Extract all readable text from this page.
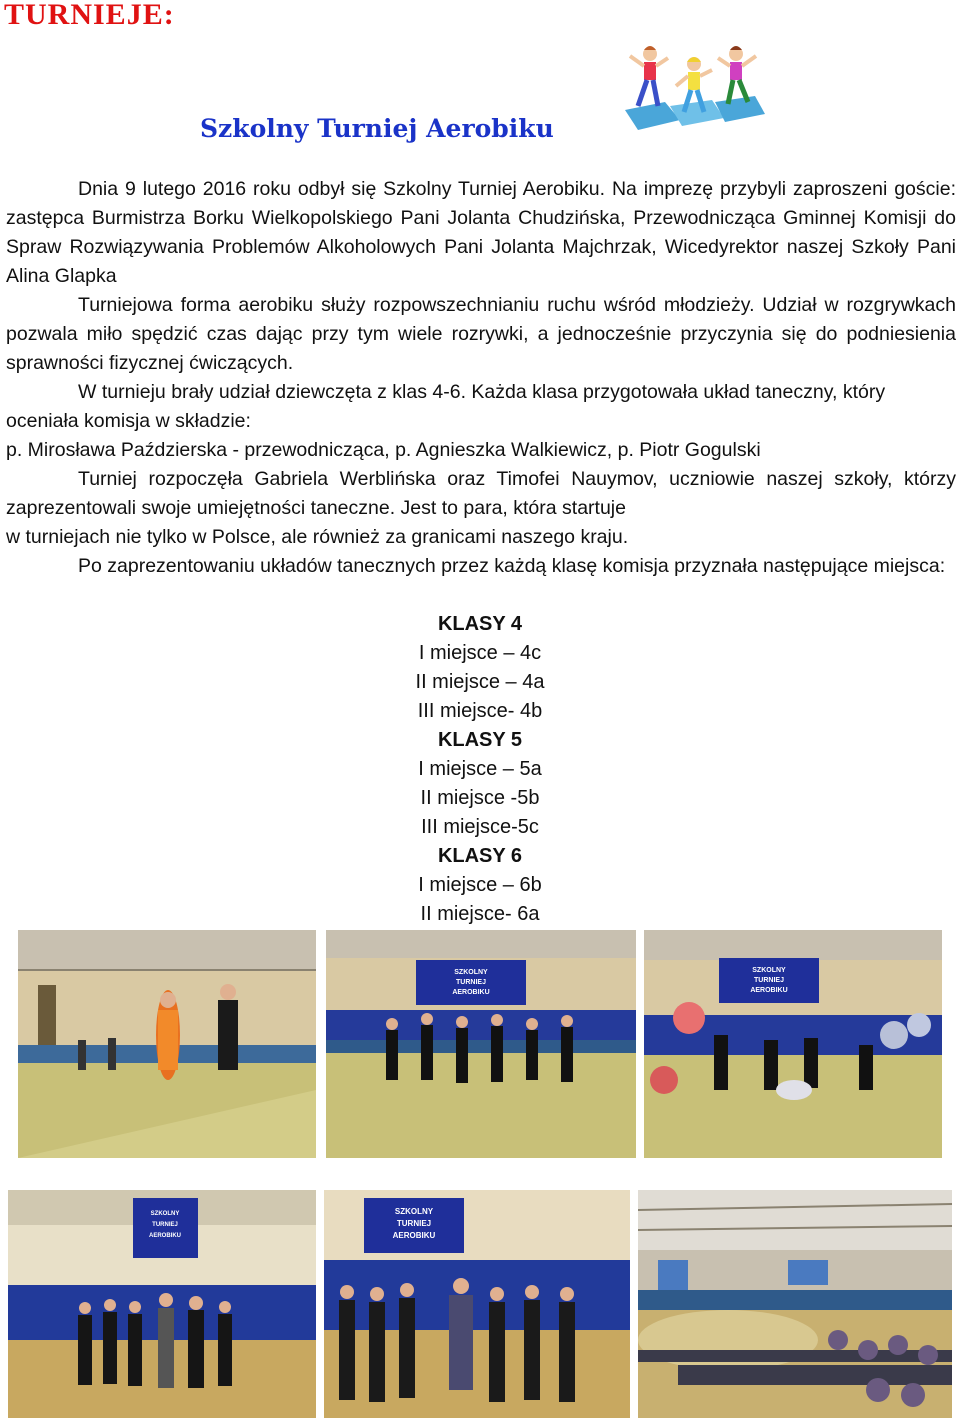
TURNIEJE:
Szkolny Turniej Aerobiku

Dnia 9 lutego 2016 roku odbył się Szkolny Turniej Aerobiku. Na imprezę przybyli zaproszeni goście: zastępca Burmistrza Borku Wielkopolskiego Pani Jolanta Chudzińska, Przewodnicząca Gminnej Komisji do Spraw Rozwiązywania Problemów Alkoholowych Pani Jolanta Majchrzak, Wicedyrektor naszej Szkoły Pani Alina Glapka

Turniejowa forma aerobiku służy rozpowszechnianiu ruchu wśród młodzieży. Udział w rozgrywkach pozwala miło spędzić czas dając przy tym wiele rozrywki, a jednocześnie przyczynia się do podniesienia sprawności fizycznej ćwiczących.

W turnieju brały udział dziewczęta z klas 4-6. Każda klasa przygotowała układ taneczny, który oceniała komisja w składzie:

p. Mirosława Paździerska - przewodnicząca, p. Agnieszka Walkiewicz, p. Piotr Gogulski

Turniej rozpoczęła Gabriela Werblińska oraz Timofei Nauymov, uczniowie naszej szkoły, którzy zaprezentowali swoje umiejętności taneczne. Jest to para, która startuje

w turniejach nie tylko w Polsce, ale również za granicami naszego kraju.

Po zaprezentowaniu układów tanecznych przez każdą klasę komisja przyznała następujące miejsca:

KLASY 4
I miejsce – 4c
II miejsce – 4a
III miejsce- 4b
KLASY 5
I miejsce – 5a
II miejsce -5b
III miejsce-5c
KLASY 6
I miejsce – 6b
II miejsce- 6a
SZKOLNY
TURNIEJ
AEROBIKU
SZKOLNY
TURNIEJ
AEROBIKU
SZKOLNY
TURNIEJ
AEROBIKU
SZKOLNY
TURNIEJ
AEROBIKU
